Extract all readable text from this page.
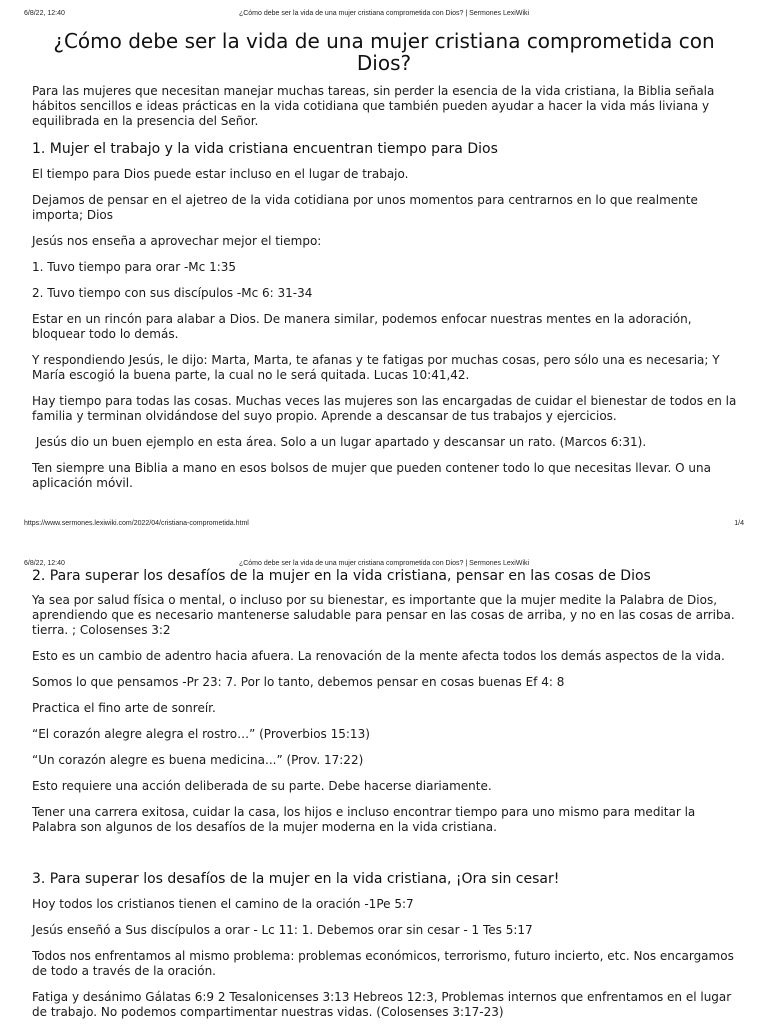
6/8/22, 12:40	¿Cómo debe ser la vida de una mujer cristiana comprometida con Dios? | Sermones LexiWiki
¿Cómo debe ser la vida de una mujer cristiana comprometida con Dios?

Para las mujeres que necesitan manejar muchas tareas, sin perder la esencia de la vida cristiana, la Biblia señala hábitos sencillos e ideas prácticas en la vida cotidiana que también pueden ayudar a hacer la vida más liviana y equilibrada en la presencia del Señor.

1. Mujer el trabajo y la vida cristiana encuentran tiempo para Dios

El tiempo para Dios puede estar incluso en el lugar de trabajo.

Dejamos de pensar en el ajetreo de la vida cotidiana por unos momentos para centrarnos en lo que realmente importa; Dios

Jesús nos enseña a aprovechar mejor el tiempo:

1. Tuvo tiempo para orar -Mc 1:35

2. Tuvo tiempo con sus discípulos -Mc 6: 31-34

Estar en un rincón para alabar a Dios. De manera similar, podemos enfocar nuestras mentes en la adoración, bloquear todo lo demás.

Y respondiendo Jesús, le dijo: Marta, Marta, te afanas y te fatigas por muchas cosas, pero sólo una es necesaria; Y María escogió la buena parte, la cual no le será quitada. Lucas 10:41,42.

Hay tiempo para todas las cosas. Muchas veces las mujeres son las encargadas de cuidar el bienestar de todos en la familia y terminan olvidándose del suyo propio. Aprende a descansar de tus trabajos y ejercicios.

Jesús dio un buen ejemplo en esta área. Solo a un lugar apartado y descansar un rato. (Marcos 6:31).

Ten siempre una Biblia a mano en esos bolsos de mujer que pueden contener todo lo que necesitas llevar. O una aplicación móvil.

https://www.sermones.lexiwiki.com/2022/04/cristiana-comprometida.html	1/4
6/8/22, 12:40	¿Cómo debe ser la vida de una mujer cristiana comprometida con Dios? | Sermones LexiWiki
2. Para superar los desafíos de la mujer en la vida cristiana, pensar en las cosas de Dios

Ya sea por salud física o mental, o incluso por su bienestar, es importante que la mujer medite la Palabra de Dios, aprendiendo que es necesario mantenerse saludable para pensar en las cosas de arriba, y no en las cosas de arriba. tierra. ; Colosenses 3:2

Esto es un cambio de adentro hacia afuera. La renovación de la mente afecta todos los demás aspectos de la vida.

Somos lo que pensamos -Pr 23: 7. Por lo tanto, debemos pensar en cosas buenas Ef 4: 8

Practica el fino arte de sonreír.

“El corazón alegre alegra el rostro…” (Proverbios 15:13)

“Un corazón alegre es buena medicina...” (Prov. 17:22)

Esto requiere una acción deliberada de su parte. Debe hacerse diariamente.

Tener una carrera exitosa, cuidar la casa, los hijos e incluso encontrar tiempo para uno mismo para meditar la Palabra son algunos de los desafíos de la mujer moderna en la vida cristiana.

3. Para superar los desafíos de la mujer en la vida cristiana, ¡Ora sin cesar!

Hoy todos los cristianos tienen el camino de la oración -1Pe 5:7

Jesús enseñó a Sus discípulos a orar - Lc 11: 1. Debemos orar sin cesar - 1 Tes 5:17

Todos nos enfrentamos al mismo problema: problemas económicos, terrorismo, futuro incierto, etc. Nos encargamos de todo a través de la oración.

Fatiga y desánimo Gálatas 6:9 2 Tesalonicenses 3:13 Hebreos 12:3, Problemas internos que enfrentamos en el lugar de trabajo. No podemos compartimentar nuestras vidas. (Colosenses 3:17-23)
